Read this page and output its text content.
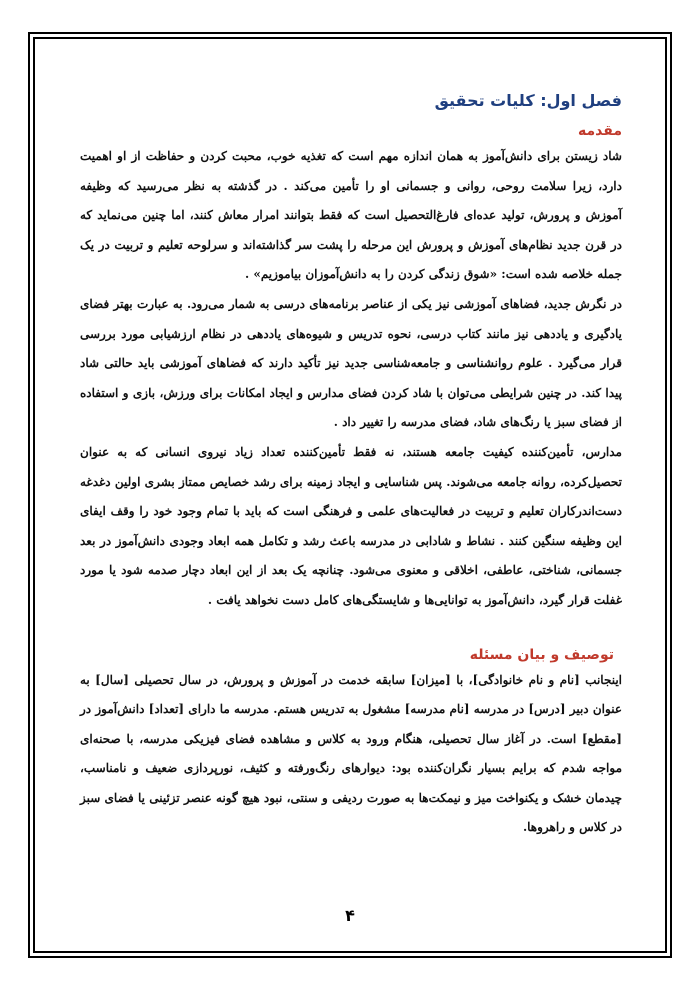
فصل اول: کلیات تحقیق
مقدمه

شاد زیستن برای دانش‌آموز به همان اندازه مهم است که تغذیه خوب، محبت کردن و حفاظت از او اهمیت دارد، زیرا سلامت روحی، روانی و جسمانی او را تأمین می‌کند . در گذشته به نظر می‌رسید که وظیفه آموزش و پرورش، تولید عده‌ای فارغ‌التحصیل است که فقط بتوانند امرار معاش کنند، اما چنین می‌نماید که در قرن جدید نظام‌های آموزش و پرورش این مرحله را پشت سر گذاشته‌اند و سرلوحه تعلیم و تربیت در یک جمله خلاصه شده است: «شوق زندگی کردن را به دانش‌آموزان بیاموزیم» .

در نگرش جدید، فضاهای آموزشی نیز یکی از عناصر برنامه‌های درسی به شمار می‌رود. به عبارت بهتر فضای یادگیری و یاددهی نیز مانند کتاب درسی، نحوه تدریس و شیوه‌های یاددهی در نظام ارزشیابی مورد بررسی قرار می‌گیرد . علوم روانشناسی و جامعه‌شناسی جدید نیز تأکید دارند که فضاهای آموزشی باید حالتی شاد پیدا کند. در چنین شرایطی می‌توان با شاد کردن فضای مدارس و ایجاد امکانات برای ورزش، بازی و استفاده از فضای سبز یا رنگ‌های شاد، فضای مدرسه را تغییر داد .

مدارس، تأمین‌کننده کیفیت جامعه هستند، نه فقط تأمین‌کننده تعداد زیاد نیروی انسانی که به عنوان تحصیل‌کرده، روانه جامعه می‌شوند. پس شناسایی و ایجاد زمینه برای رشد خصایص ممتاز بشری اولین دغدغه دست‌اندرکاران تعلیم و تربیت در فعالیت‌های علمی و فرهنگی است که باید با تمام وجود خود را وقف ایفای این وظیفه سنگین کنند . نشاط و شادابی در مدرسه باعث رشد و تکامل همه ابعاد وجودی دانش‌آموز در بعد جسمانی، شناختی، عاطفی، اخلاقی و معنوی می‌شود. چنانچه یک بعد از این ابعاد دچار صدمه شود یا مورد غفلت قرار گیرد، دانش‌آموز به توانایی‌ها و شایستگی‌های کامل دست نخواهد یافت .

توصیف و بیان مسئله

اینجانب [نام و نام خانوادگی]، با [میزان] سابقه خدمت در آموزش و پرورش، در سال تحصیلی [سال] به عنوان دبیر [درس] در مدرسه [نام مدرسه] مشغول به تدریس هستم. مدرسه ما دارای [تعداد] دانش‌آموز در [مقطع] است. در آغاز سال تحصیلی، هنگام ورود به کلاس و مشاهده فضای فیزیکی مدرسه، با صحنه‌ای مواجه شدم که برایم بسیار نگران‌کننده بود: دیوارهای رنگ‌ورفته و کثیف، نورپردازی ضعیف و نامناسب، چیدمان خشک و یکنواخت میز و نیمکت‌ها به صورت ردیفی و سنتی، نبود هیچ گونه عنصر تزئینی یا فضای سبز در کلاس و راهروها.

۴
